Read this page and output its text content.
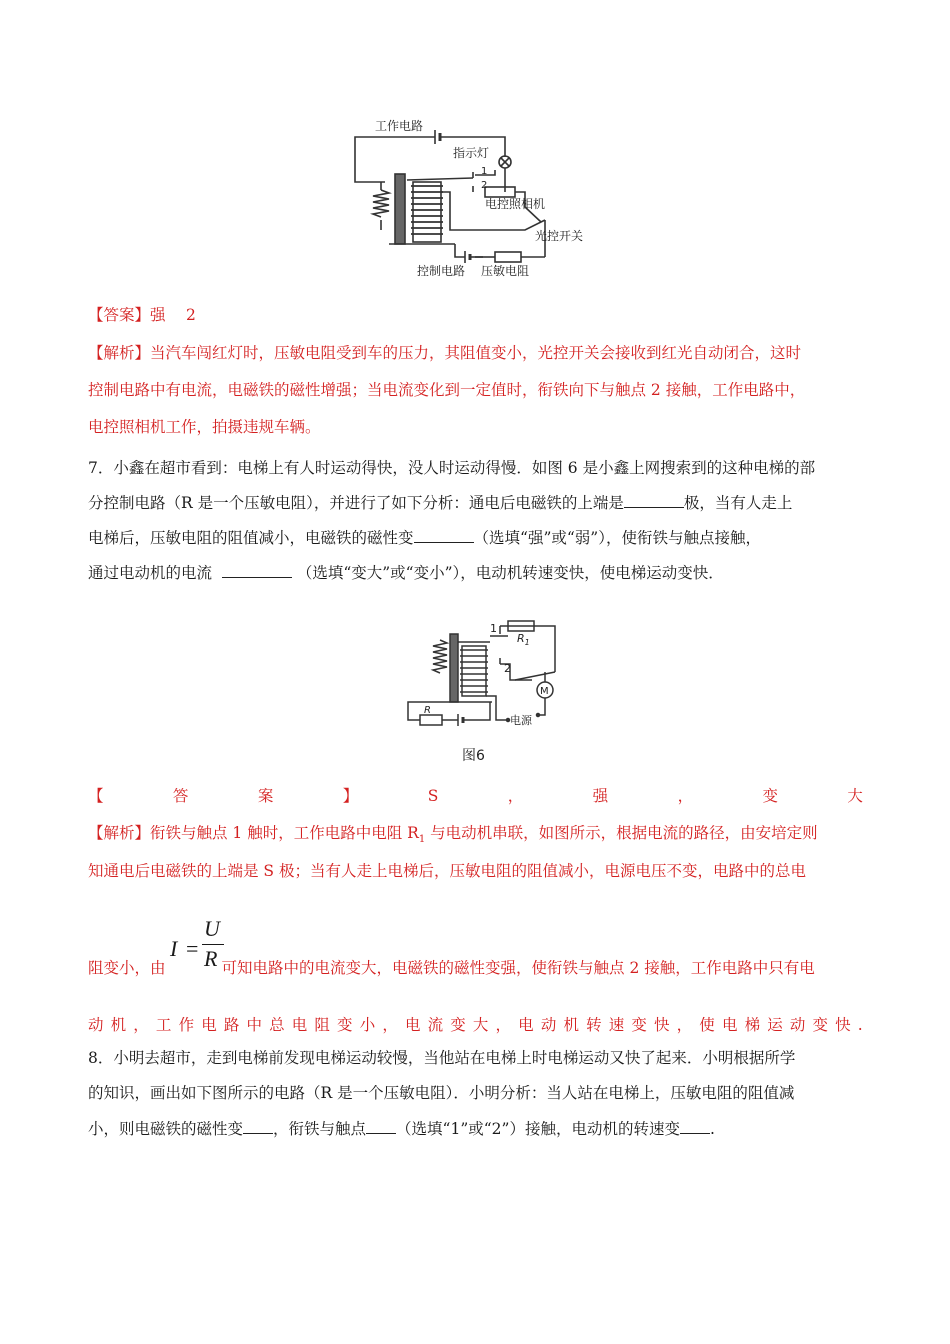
工作电路
指示灯
1
2
电控照相机
光控开关
控制电路 压敏电阻
【答案】强　 2
【解析】当汽车闯红灯时，压敏电阻受到车的压力，其阻值变小，光控开关会接收到红光自动闭合，这时
控制电路中有电流，电磁铁的磁性增强；当电流变化到一定值时，衔铁向下与触点 2 接触，工作电路中，
电控照相机工作，拍摄违规车辆。
7．小鑫在超市看到：电梯上有人时运动得快，没人时运动得慢．如图 6 是小鑫上网搜索到的这种电梯的部
分控制电路（R 是一个压敏电阻），并进行了如下分析：通电后电磁铁的上端是	极，当有人走上
电梯后，压敏电阻的阻值减小，电磁铁的磁性变	（选填“强”或“弱”），使衔铁与触点接触，
通过电动机的电流	（选填“变大”或“变小”），电动机转速变快，使电梯运动变快．
1
2
$R_1$
R
M
电源
图6
【	答	案	】	S	，	强	，	变	大
【解析】衔铁与触点 1 触时，工作电路中电阻 $R_1$ 与电动机串联，如图所示，根据电流的路径，由安培定则
知通电后电磁铁的上端是 S 极；当有人走上电梯后，压敏电阻的阻值减小，电源电压不变，电路中的总电
I =
U
R
阻变小，由	可知电路中的电流变大，电磁铁的磁性变强，使衔铁与触点 2 接触，工作电路中只有电
动 机 ， 工 作 电 路 中 总 电 阻 变 小 ， 电 流 变 大 ， 电 动 机 转 速 变 快 ， 使 电 梯 运 动 变 快 .
8．小明去超市，走到电梯前发现电梯运动较慢，当他站在电梯上时电梯运动又快了起来．小明根据所学
的知识，画出如下图所示的电路（R 是一个压敏电阻）．小明分析：当人站在电梯上，压敏电阻的阻值减
小，则电磁铁的磁性变 ，衔铁与触点 （选填“1”或“2”）接触，电动机的转速变 .
